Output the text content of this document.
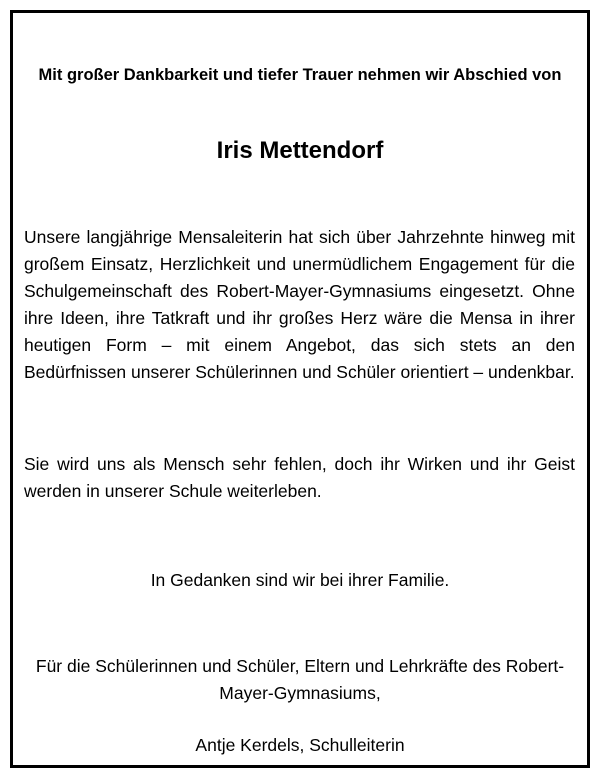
Mit großer Dankbarkeit und tiefer Trauer nehmen wir Abschied von
Iris Mettendorf

Unsere langjährige Mensaleiterin hat sich über Jahrzehnte hinweg mit großem Einsatz, Herzlichkeit und unermüdlichem Engagement für die Schulgemeinschaft des Robert-Mayer-Gymnasiums eingesetzt. Ohne ihre Ideen, ihre Tatkraft und ihr großes Herz wäre die Mensa in ihrer heutigen Form – mit einem Angebot, das sich stets an den Bedürfnissen unserer Schülerinnen und Schüler orientiert – undenkbar.

Sie wird uns als Mensch sehr fehlen, doch ihr Wirken und ihr Geist werden in unserer Schule weiterleben.

In Gedanken sind wir bei ihrer Familie.
Für die Schülerinnen und Schüler, Eltern und Lehrkräfte des Robert-Mayer-Gymnasiums,
Antje Kerdels, Schulleiterin
